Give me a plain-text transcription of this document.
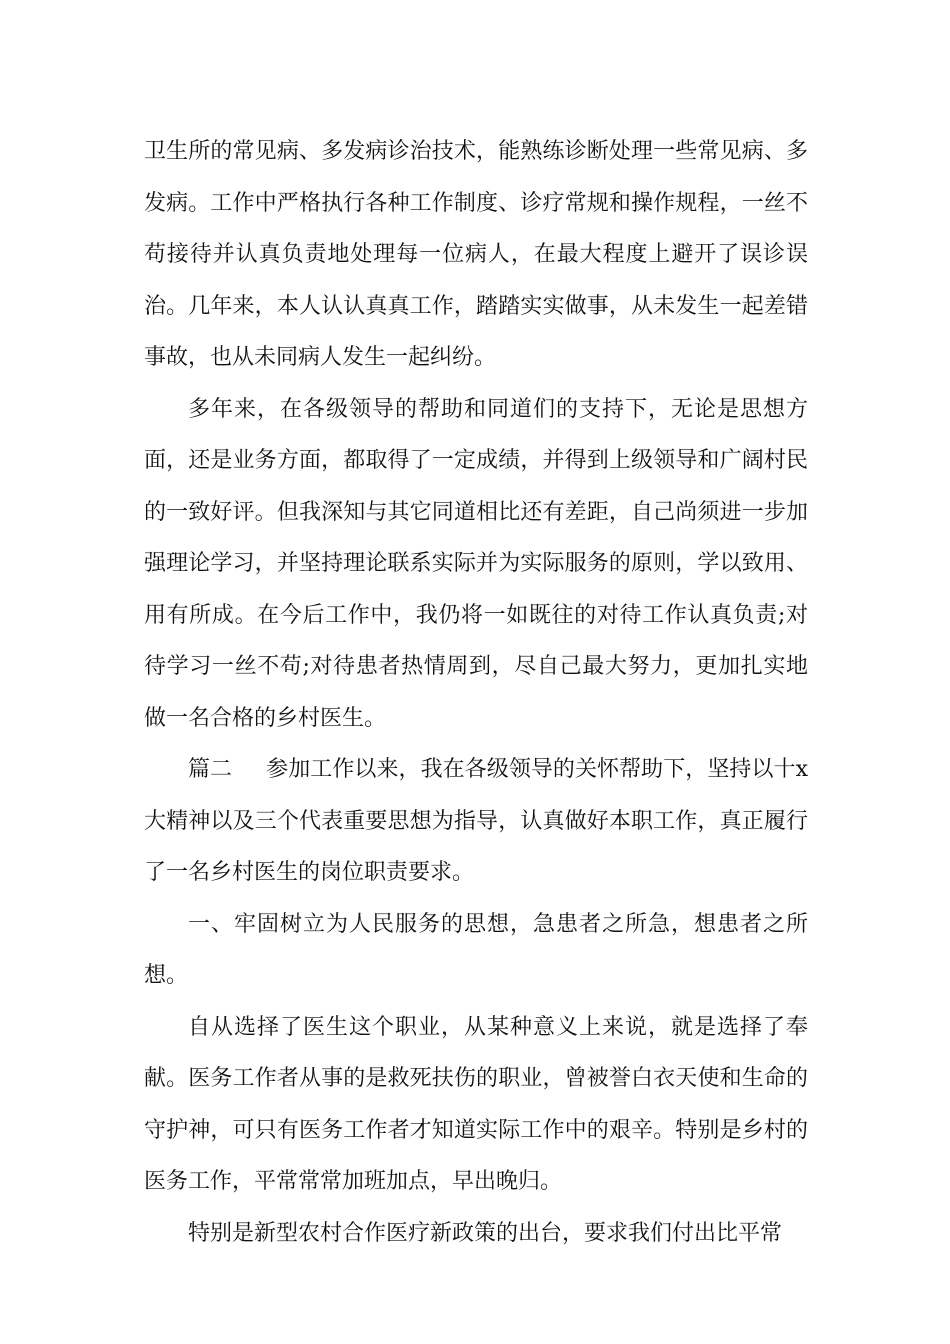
卫生所的常见病、多发病诊治技术，能熟练诊断处理一些常见病、多发病。工作中严格执行各种工作制度、诊疗常规和操作规程，一丝不苟接待并认真负责地处理每一位病人，在最大程度上避开了误诊误治。几年来，本人认认真真工作，踏踏实实做事，从未发生一起差错事故，也从未同病人发生一起纠纷。

多年来，在各级领导的帮助和同道们的支持下，无论是思想方面，还是业务方面，都取得了一定成绩，并得到上级领导和广阔村民的一致好评。但我深知与其它同道相比还有差距，自己尚须进一步加强理论学习，并坚持理论联系实际并为实际服务的原则，学以致用、用有所成。在今后工作中，我仍将一如既往的对待工作认真负责;对待学习一丝不苟;对待患者热情周到，尽自己最大努力，更加扎实地做一名合格的乡村医生。

篇二 参加工作以来，我在各级领导的关怀帮助下，坚持以十x 大精神以及三个代表重要思想为指导，认真做好本职工作，真正履行了一名乡村医生的岗位职责要求。

一、牢固树立为人民服务的思想，急患者之所急，想患者之所想。

自从选择了医生这个职业，从某种意义上来说，就是选择了奉献。医务工作者从事的是救死扶伤的职业，曾被誉白衣天使和生命的守护神，可只有医务工作者才知道实际工作中的艰辛。特别是乡村的医务工作，平常常常加班加点，早出晚归。

特别是新型农村合作医疗新政策的出台，要求我们付出比平常
